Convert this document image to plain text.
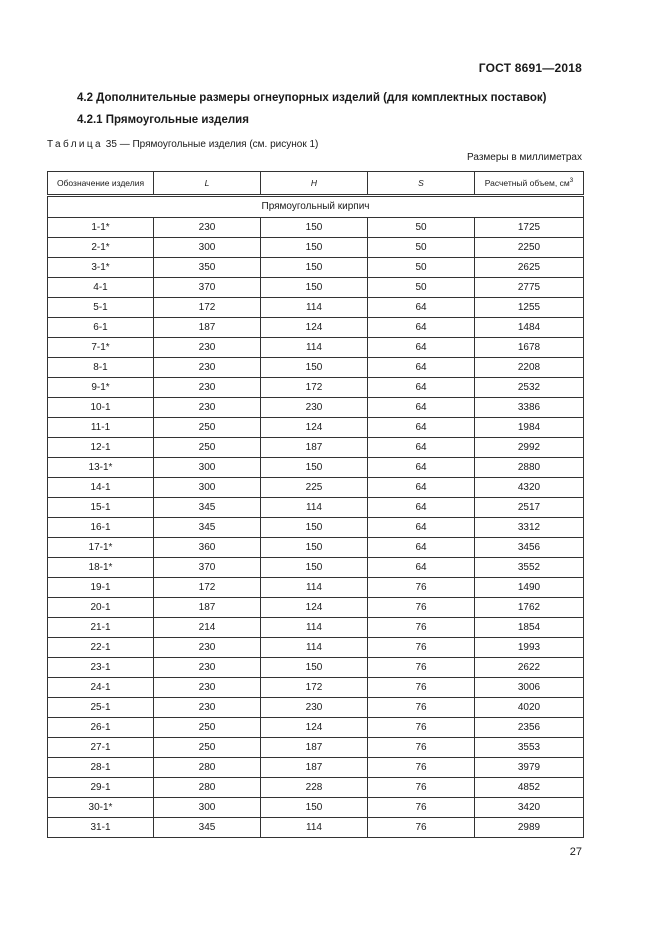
ГОСТ 8691—2018
4.2 Дополнительные размеры огнеупорных изделий (для комплектных поставок)
4.2.1 Прямоугольные изделия
Таблица 35 — Прямоугольные изделия (см. рисунок 1)
Размеры в миллиметрах
Обозначение изделия	L	H	S	Расчетный объем, $см^3$
Прямоугольный кирпич				
1-1*	230	150	50	1725
2-1*	300	150	50	2250
3-1*	350	150	50	2625
4-1	370	150	50	2775
5-1	172	114	64	1255
6-1	187	124	64	1484
7-1*	230	114	64	1678
8-1	230	150	64	2208
9-1*	230	172	64	2532
10-1	230	230	64	3386
11-1	250	124	64	1984
12-1	250	187	64	2992
13-1*	300	150	64	2880
14-1	300	225	64	4320
15-1	345	114	64	2517
16-1	345	150	64	3312
17-1*	360	150	64	3456
18-1*	370	150	64	3552
19-1	172	114	76	1490
20-1	187	124	76	1762
21-1	214	114	76	1854
22-1	230	114	76	1993
23-1	230	150	76	2622
24-1	230	172	76	3006
25-1	230	230	76	4020
26-1	250	124	76	2356
27-1	250	187	76	3553
28-1	280	187	76	3979
29-1	280	228	76	4852
30-1*	300	150	76	3420
31-1	345	114	76	2989
27
